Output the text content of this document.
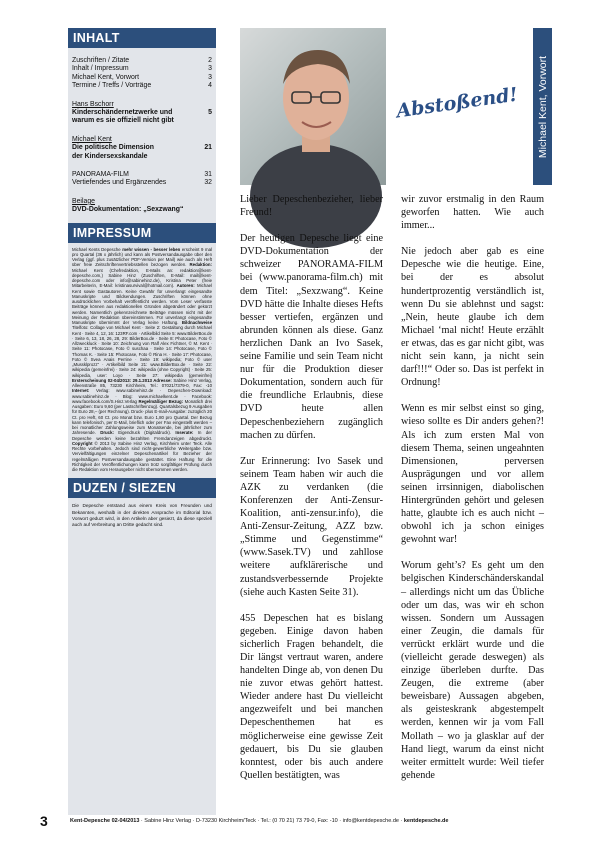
INHALT
Zuschriften / Zitate	2
Inhalt / Impressum	3
Michael Kent, Vorwort	3
Termine / Treffs / Vorträge	4
Hans Bschorr
Kinderschändernetzwerke und	5
warum es sie offiziell nicht gibt
Michael Kent
Die politische Dimension	21
der Kindersexskandale
PANORAMA-FILM	31
Vertiefendes und Ergänzendes	32
Beilage
DVD-Dokumentation: „Sexzwang“
IMPRESSUM
Michael Kents Depesche mehr wissen - besser leben erscheint 9 mal pro Quartal (36 x jährlich) und kann als Postversandausgabe über den Verlag (ggf. plus zusätzlicher PDF-Version per Mail) wie auch als Heft über freie Zeitschriftenvertriebsstellen bezogen werden. Redaktion: Michael Kent (Chefredaktion, E-Mails an: redaktion@kent-depesche.com,) Sabine Hinz (Zuschriften, E-Mail: mail@kent-depesche.com oder info@sabinehinz.de), Kristina Peter (freie Mitarbeiterin, E-Mail: kristinasurvival@hotmail.com). Autoren: Michael Kent sowie Gastautoren. Keine Gewähr für unverlangt eingesandte Manuskripte und Bildsendungen. Zuschriften können ohne ausdrücklichen Vorbehalt veröffentlicht werden. Vom Leser verfasste Beiträge können aus redaktionellen Gründen abgeändert oder gekürzt werden. Namentlich gekennzeichnete Beiträge müssen nicht mit der Meinung der Redaktion übereinstimmen. Für unverlangt eingesandte Manuskripte übernimmt der Verlag keine Haftung. Bildnachweise Titelfoto: Collage von Michael Kent · Seite 2: Gestaltung durch Michael Kent · Seite 4, 12, 16: 123RF.com · Artikelbild Seite 5: www.BilderBox.de · Seite 6, 13, 18, 26, 28, 29: BilderBox.de · Seite 8: Photocase, Foto © Allzweckluck · Seite 10: Zeichnung von Ralf Alex Fichtner, © M. Kent · Seite 11: Photocase, Foto © suschaa · Seite 14: Photocase, Foto © Thomas K. · Seite 15: Photocase, Foto © Rina H. · Seite 17: Photocase, Foto © Svea Anais Perrine · Seite 19: wikipedia; Foto © user „Mussklprozz“ · Artikelbild Seite 21: www.BilderBox.de · Seite 22: wikipedia (gemeinfrei) · Seite 24: wikipedia (ohne Copyright) · Seite 25: wikipedia, user: Loyo · Seite 27: wikipedia (gemeinfrei) Ersterscheinung 02-04/2013: 29.1.2013 Adresse: Sabine Hinz Verlag, Alleenstraße 85, 73230 Kirchheim, Tel.: 07021/7379-0, Fax: -10 Internet: Verlag: www.sabinehinz.de · Depeschen-Download: www.sabinehinz.de · Blog: www.michaelkent.de · Facebook: www.facebook.com/S.Hinz.Verlag Regelmäßiger Bezug: Monatlich drei Ausgaben: Euro 9,60 (per Lastschrifteinzug). Quartalsbezug 9 Ausgaben für Euro 28,– (per Rechnung). Druck- plus E-mail-Ausgabe: zuzüglich 20 Ct. pro Heft, 60 Ct. pro Monat bzw. Euro 1,80 pro Quartal. Der Bezug kann telefonisch, per E-Mail, brieflich oder per Fax eingestellt werden – bei monatlicher Zahlungsweise zum Monatsende, bei jährlicher zum Jahresende. Druck: Eigendruck (Digitaldruck). Inserate: In der Depesche werden keine bezahlten Fremdanzeigen abgedruckt. Copyright © 2013 by Sabine Hinz Verlag, Kirchheim unter Teck. Alle Rechte vorbehalten. Jedoch sind nicht-gewerbliche Weitergabe bzw. Vervielfältigungen einzelner Depeschenartikel für Bezieher der regelmäßigen Postversandausgabe gestattet. Eine Haftung für die Richtigkeit der Veröffentlichungen kann trotz sorgfältiger Prüfung durch die Redaktion vom Herausgeber nicht übernommen werden.
DUZEN / SIEZEN
Die Depesche entstand aus einem Kreis von Freunden und Bekannten, weshalb in der direkten Ansprache im Editorial bzw. Vorwort geduzt wird, in den Artikeln aber gesiezt, da diese speziell auch auf Verbreitung an Dritte gedacht sind.
Michael Kent
Abstoßend! Michael Kent, Vorwort

Lieber Depeschenbezieher, lieber Freund!

Der heutigen Depesche liegt eine DVD-Dokumentation der schweizer PANORAMA-FILM bei (www.panorama-film.ch) mit dem Titel: „Sexzwang“. Keine DVD hätte die Inhalte dieses Hefts besser vertiefen, ergänzen und abrunden können als diese. Ganz herzlichen Dank an Ivo Sasek, seine Familie und sein Team nicht nur für die Produktion dieser Dokumentation, sondern auch für die freundliche Erlaubnis, diese DVD heute allen Depeschenbeziehern zugänglich machen zu dürfen.

Zur Erinnerung: Ivo Sasek und seinem Team haben wir auch die AZK zu verdanken (die Konferenzen der Anti-Zensur-Koalition, anti-zensur.info), die Anti-Zensur-Zeitung, AZZ bzw. „Stimme und Gegenstimme“ (www.Sasek.TV) und zahllose weitere aufklärerische und zustandsverbessernde Projekte (siehe auch Kasten Seite 31).

455 Depeschen hat es bislang gegeben. Einige davon haben sicherlich Fragen behandelt, die Dir längst vertraut waren, andere handelten Dinge ab, von denen Du nie zuvor etwas gehört hattest. Wieder andere hast Du vielleicht angezweifelt und bei manchen Depeschenthemen hat es möglicherweise eine gewisse Zeit gedauert, bis Du sie glauben konntest, oder bis auch andere Quellen bestätigten, was

wir zuvor erstmalig in den Raum geworfen hatten. Wie auch immer...

Nie jedoch aber gab es eine Depesche wie die heutige. Eine, bei der es absolut hundertprozentig verständlich ist, wenn Du sie ablehnst und sagst: „Nein, heute glaube ich dem Michael ‘mal nicht! Heute erzählt er etwas, das es gar nicht gibt, was nicht sein kann, ja nicht sein darf!!!“ Oder so. Das ist perfekt in Ordnung!

Wenn es mir selbst einst so ging, wieso sollte es Dir anders gehen?! Als ich zum ersten Mal von diesem Thema, seinen ungeahnten Dimensionen, perversen Ausprägungen und vor allem seinen irrsinnigen, diabolischen Hintergründen gehört und gelesen hatte, glaubte ich es auch nicht – obwohl ich ja schon einiges gewohnt war!

Worum geht’s? Es geht um den belgischen Kinderschänderskandal – allerdings nicht um das Übliche oder um das, was wir eh schon wissen. Sondern um Aussagen einer Zeugin, die damals für verrückt erklärt wurde und die (vielleicht gerade deswegen) als einzige überleben durfte. Das Zeugen, die extreme (aber beweisbare) Aussagen abgeben, als geisteskrank abgestempelt werden, kennen wir ja vom Fall Mollath – wo ja glasklar auf der Hand liegt, warum da einst nicht weiter ermittelt wurde: Weil tiefer gehende

3	Kent-Depesche 02-04/2013 · Sabine Hinz Verlag · D-73230 Kirchheim/Teck · Tel.: (0 70 21) 73 79-0, Fax: -10 · info@kentdepesche.de · kentdepesche.de
